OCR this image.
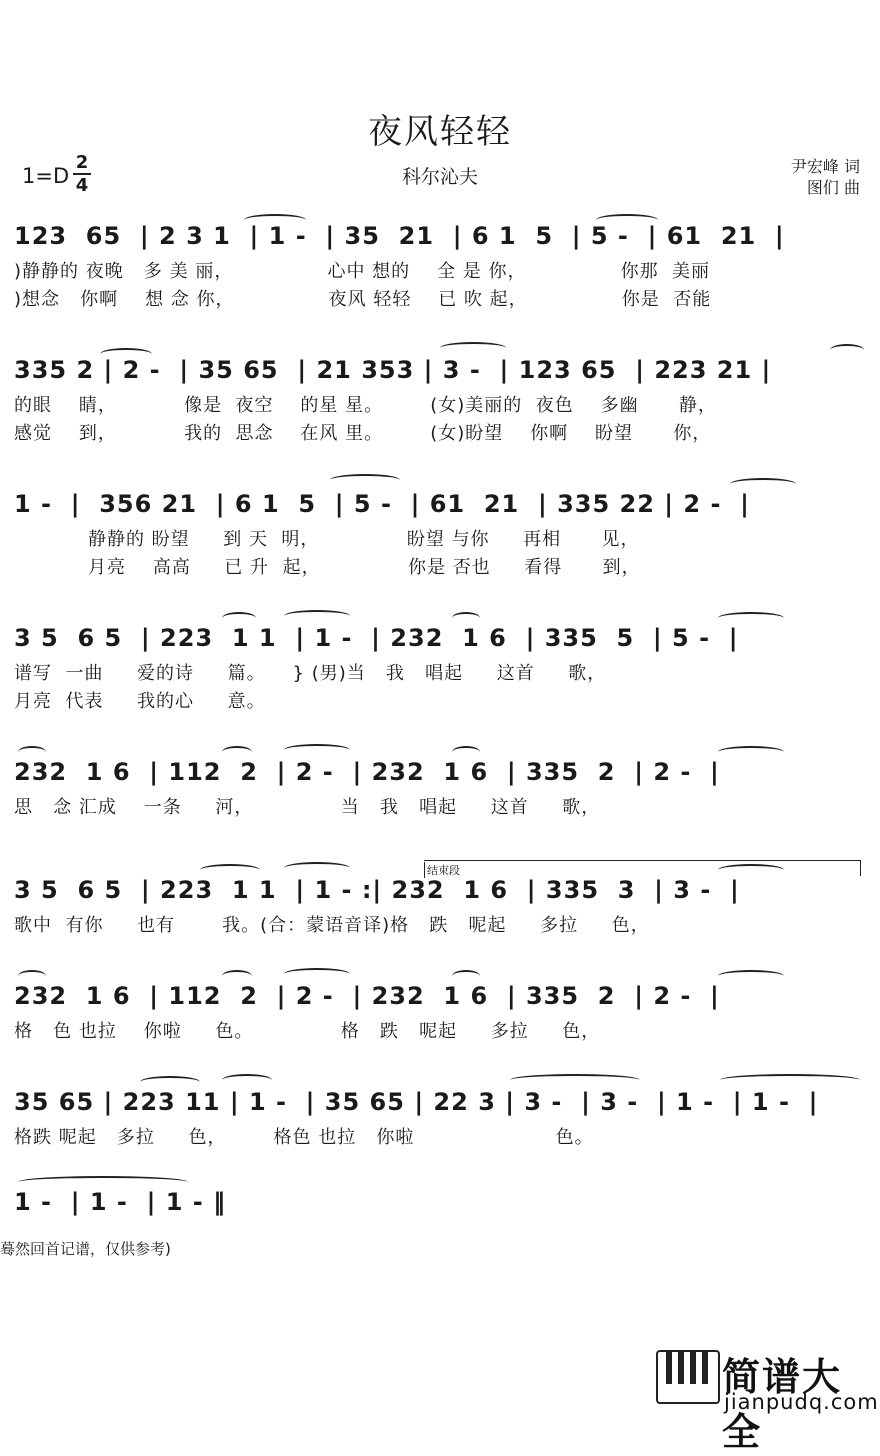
夜风轻轻
科尔沁夫	尹宏峰 词
图们 曲
1=D
2
4
123  65  | 2 3 1  | 1 -  | 35  21  | 6 1  5  | 5 -  | 61  21  |
)静静的 夜晚   多 美 丽，              心中 想的    全 是 你，              你那  美丽
)想念   你啊    想 念 你，              夜风 轻轻    已 吹 起，              你是  否能
335 2 | 2 -  | 35 65  | 21 353 | 3 -  | 123 65  | 223 21 |
的眼    睛，          像是  夜空    的星 星。       (女)美丽的  夜色    多幽      静，
感觉    到，          我的  思念    在风 里。       (女)盼望    你啊    盼望      你，
1 -  |  356 21  | 6 1  5  | 5 -  | 61  21  | 335 22 | 2 -  |
静静的 盼望     到 天  明，             盼望 与你     再相      见，
月亮    高高     已 升  起，             你是 否也     看得      到，
3 5  6 5  | 223  1 1  | 1 -  | 232  1 6  | 335  5  | 5 -  |
谱写  一曲     爱的诗     篇。    } (男)当   我   唱起     这首     歌，
月亮  代表     我的心     意。
232  1 6  | 112  2  | 2 -  | 232  1 6  | 335  2  | 2 -  |
思   念 汇成    一条     河，             当   我   唱起     这首     歌，
结束段
3 5  6 5  | 223  1 1  | 1 - :| 232  1 6  | 335  3  | 3 -  |
歌中  有你     也有       我。(合：蒙语音译)格   跌   呢起     多拉     色，
232  1 6  | 112  2  | 2 -  | 232  1 6  | 335  2  | 2 -  |
格   色 也拉    你啦     色。             格   跌   呢起     多拉     色，
35 65 | 223 11 | 1 -  | 35 65 | 22 3 | 3 -  | 3 -  | 1 -  | 1 -  |
格跌 呢起   多拉     色，       格色 也拉   你啦                     色。
1 -  | 1 -  | 1 - ‖
蓦然回首记谱，仅供参考)
简谱大全
jianpudq.com
